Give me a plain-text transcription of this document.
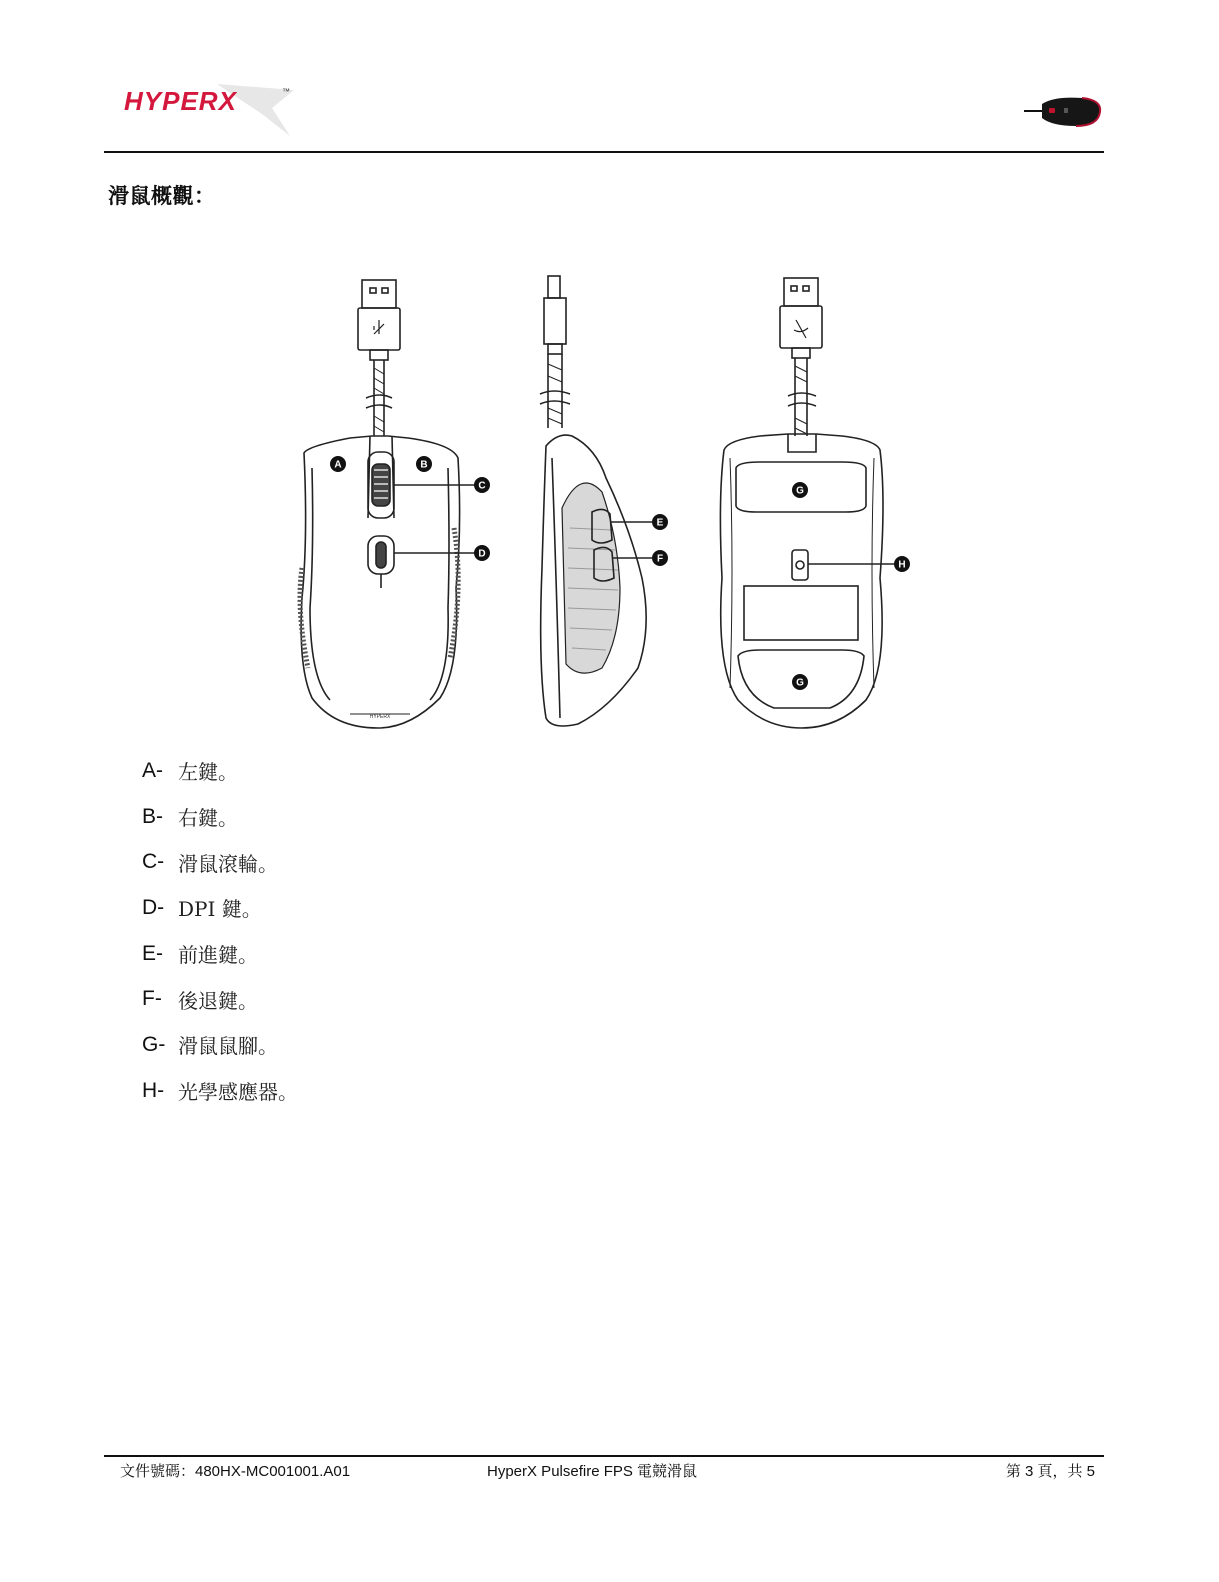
HYPERX	™
滑鼠概觀：
A	B
C
D
E
F
G
G
H
HYPERX
A- 左鍵。
B- 右鍵。
C- 滑鼠滾輪。
D- DPI 鍵。
E- 前進鍵。
F- 後退鍵。
G- 滑鼠鼠腳。
H- 光學感應器。
文件號碼：480HX-MC001001.A01	HyperX Pulsefire FPS 電競滑鼠	第 3 頁，共 5
